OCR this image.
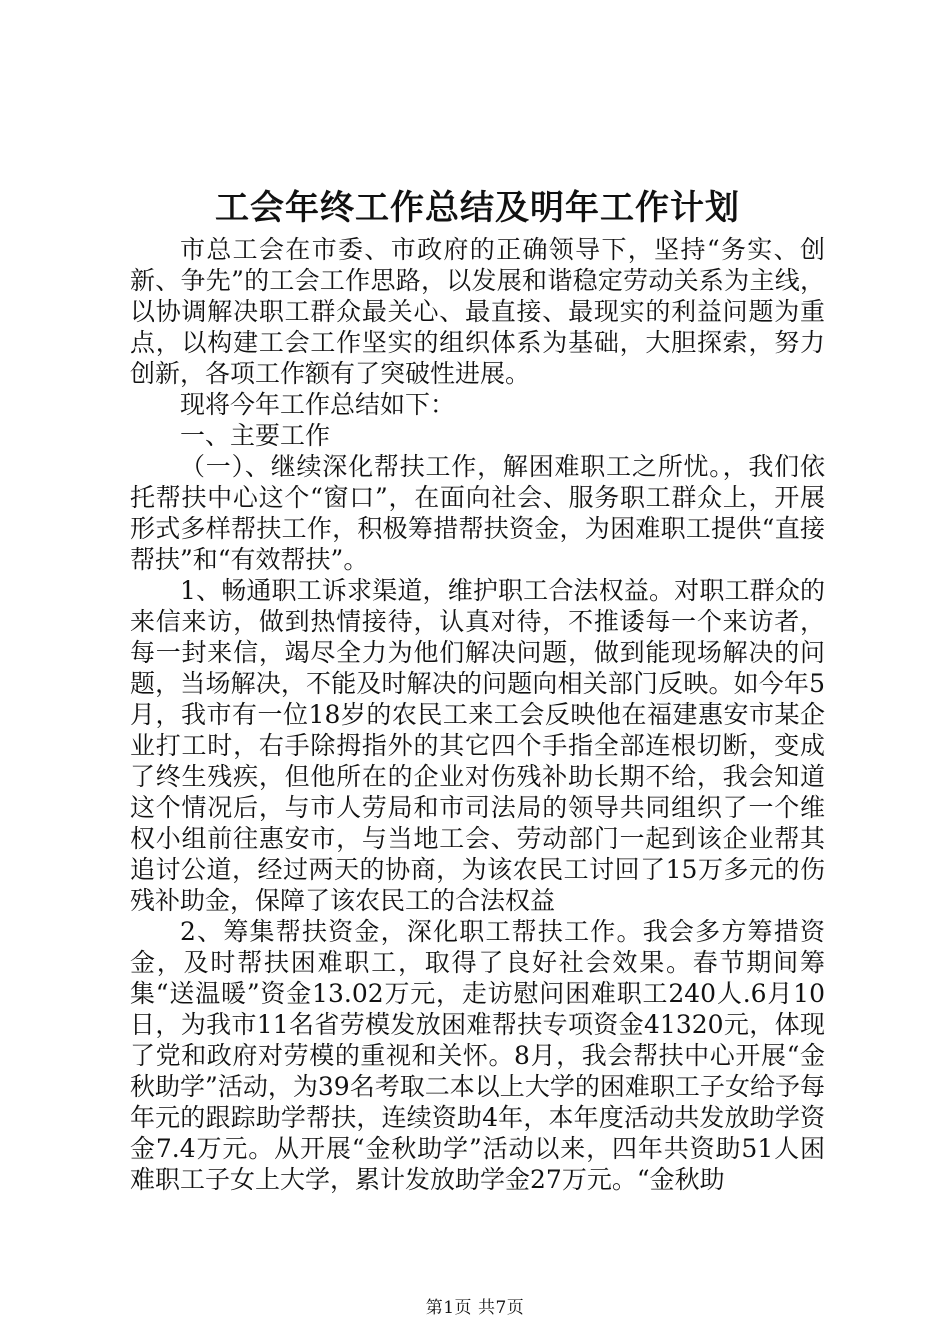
工会年终工作总结及明年工作计划

市总工会在市委、市政府的正确领导下，坚持“务实、创新、争先”的工会工作思路，以发展和谐稳定劳动关系为主线，以协调解决职工群众最关心、最直接、最现实的利益问题为重点，以构建工会工作坚实的组织体系为基础，大胆探索，努力创新，各项工作额有了突破性进展。

现将今年工作总结如下：

一、主要工作

（一）、继续深化帮扶工作，解困难职工之所忧。，我们依托帮扶中心这个“窗口”，在面向社会、服务职工群众上，开展形式多样帮扶工作，积极筹措帮扶资金，为困难职工提供“直接帮扶”和“有效帮扶”。

1、畅通职工诉求渠道，维护职工合法权益。对职工群众的来信来访，做到热情接待，认真对待，不推诿每一个来访者，每一封来信，竭尽全力为他们解决问题，做到能现场解决的问题，当场解决，不能及时解决的问题向相关部门反映。如今年5月，我市有一位18岁的农民工来工会反映他在福建惠安市某企业打工时，右手除拇指外的其它四个手指全部连根切断，变成了终生残疾，但他所在的企业对伤残补助长期不给，我会知道这个情况后，与市人劳局和市司法局的领导共同组织了一个维权小组前往惠安市，与当地工会、劳动部门一起到该企业帮其追讨公道，经过两天的协商，为该农民工讨回了15万多元的伤残补助金，保障了该农民工的合法权益

2、筹集帮扶资金，深化职工帮扶工作。我会多方筹措资金，及时帮扶困难职工，取得了良好社会效果。春节期间筹集“送温暖”资金13.02万元，走访慰问困难职工240人.6月10日，为我市11名省劳模发放困难帮扶专项资金41320元，体现了党和政府对劳模的重视和关怀。8月，我会帮扶中心开展“金秋助学”活动，为39名考取二本以上大学的困难职工子女给予每年元的跟踪助学帮扶，连续资助4年，本年度活动共发放助学资金7.4万元。从开展“金秋助学”活动以来，四年共资助51人困难职工子女上大学，累计发放助学金27万元。“金秋助

第1页 共7页
